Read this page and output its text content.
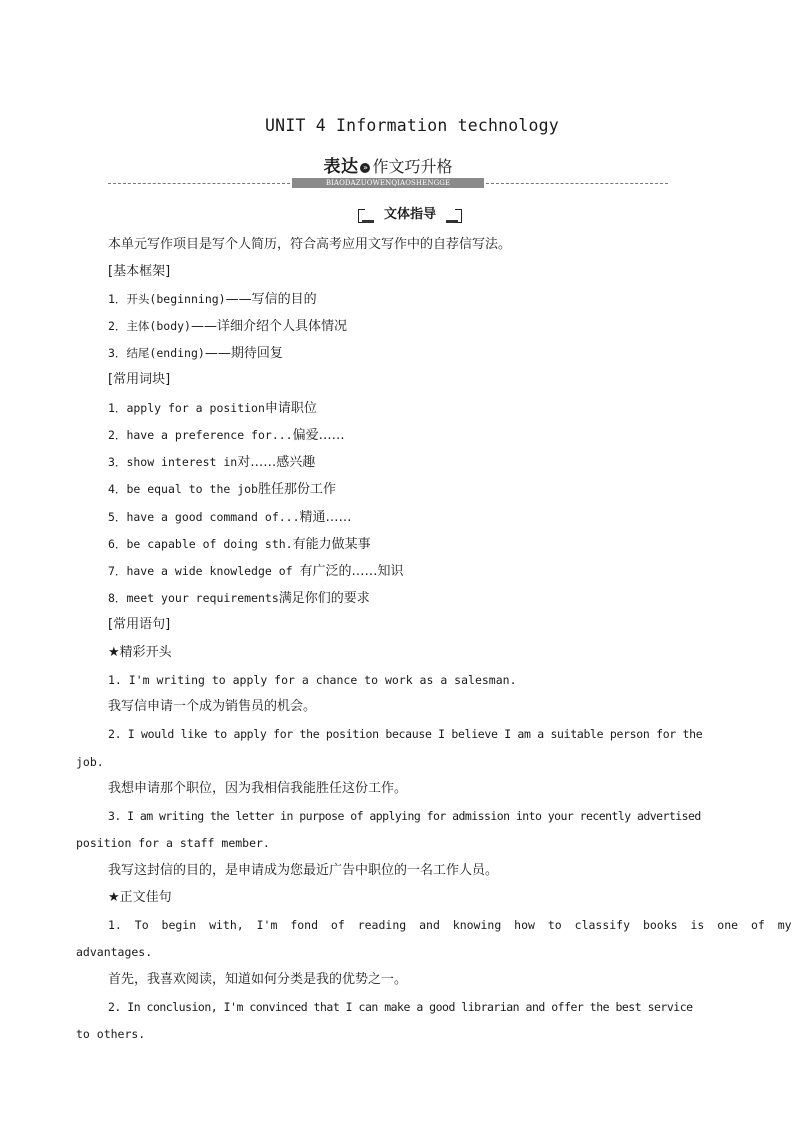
UNIT 4 Information technology
表达 » 作文巧升格
BIAODAZUOWENQIAOSHENGGE
文体指导
本单元写作项目是写个人简历，符合高考应用文写作中的自荐信写法。
[基本框架]
1．开头(beginning)——写信的目的
2．主体(body)——详细介绍个人具体情况
3．结尾(ending)——期待回复
[常用词块]
1．apply for a position申请职位
2．have a preference for...偏爱……
3．show interest in对……感兴趣
4．be equal to the job胜任那份工作
5．have a good command of...精通……
6．be capable of doing sth.有能力做某事
7．have a wide knowledge of 有广泛的……知识
8．meet your requirements满足你们的要求
[常用语句]
★精彩开头
1. I'm writing to apply for a chance to work as a salesman.
我写信申请一个成为销售员的机会。
2. I would like to apply for the position because I believe I am a suitable person for the
job.
我想申请那个职位，因为我相信我能胜任这份工作。
3. I am writing the letter in purpose of applying for admission into your recently advertised
position for a staff member.
我写这封信的目的，是申请成为您最近广告中职位的一名工作人员。
★正文佳句
1. To begin with, I'm fond of reading and knowing how to classify books is one of my
advantages.
首先，我喜欢阅读，知道如何分类是我的优势之一。
2. In conclusion, I'm convinced that I can make a good librarian and offer the best service
to others.
